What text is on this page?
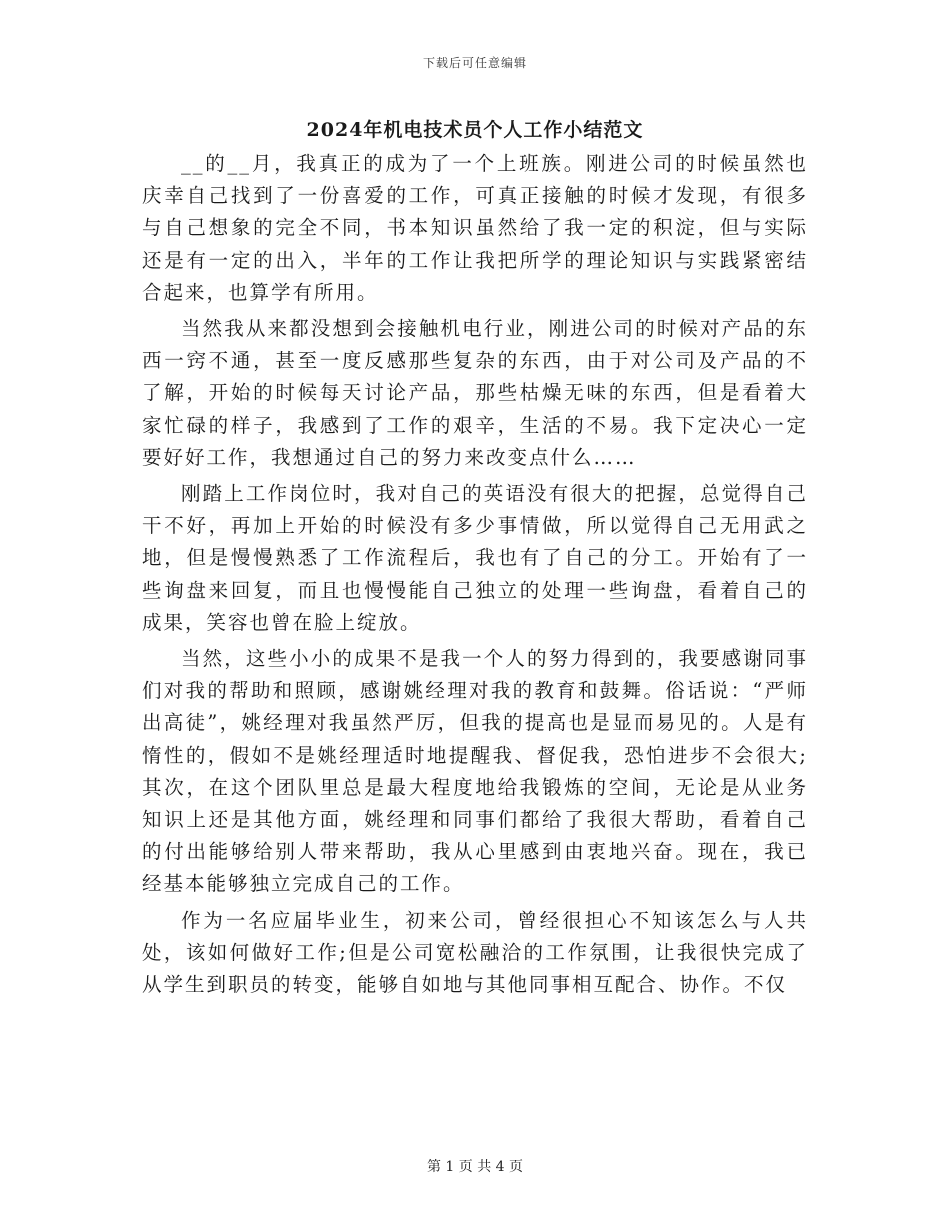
下载后可任意编辑
2024年机电技术员个人工作小结范文

__的__月，我真正的成为了一个上班族。刚进公司的时候虽然也庆幸自己找到了一份喜爱的工作，可真正接触的时候才发现，有很多与自己想象的完全不同，书本知识虽然给了我一定的积淀，但与实际还是有一定的出入，半年的工作让我把所学的理论知识与实践紧密结合起来，也算学有所用。

当然我从来都没想到会接触机电行业，刚进公司的时候对产品的东西一窍不通，甚至一度反感那些复杂的东西，由于对公司及产品的不了解，开始的时候每天讨论产品，那些枯燥无味的东西，但是看着大家忙碌的样子，我感到了工作的艰辛，生活的不易。我下定决心一定要好好工作，我想通过自己的努力来改变点什么……

刚踏上工作岗位时，我对自己的英语没有很大的把握，总觉得自己干不好，再加上开始的时候没有多少事情做，所以觉得自己无用武之地，但是慢慢熟悉了工作流程后，我也有了自己的分工。开始有了一些询盘来回复，而且也慢慢能自己独立的处理一些询盘，看着自己的成果，笑容也曾在脸上绽放。

当然，这些小小的成果不是我一个人的努力得到的，我要感谢同事们对我的帮助和照顾，感谢姚经理对我的教育和鼓舞。俗话说：“严师出高徒”，姚经理对我虽然严厉，但我的提高也是显而易见的。人是有惰性的，假如不是姚经理适时地提醒我、督促我，恐怕进步不会很大;其次，在这个团队里总是最大程度地给我锻炼的空间，无论是从业务知识上还是其他方面，姚经理和同事们都给了我很大帮助，看着自己的付出能够给别人带来帮助，我从心里感到由衷地兴奋。现在，我已经基本能够独立完成自己的工作。

作为一名应届毕业生，初来公司，曾经很担心不知该怎么与人共处，该如何做好工作;但是公司宽松融洽的工作氛围，让我很快完成了从学生到职员的转变，能够自如地与其他同事相互配合、协作。不仅

第 1 页 共 4 页
